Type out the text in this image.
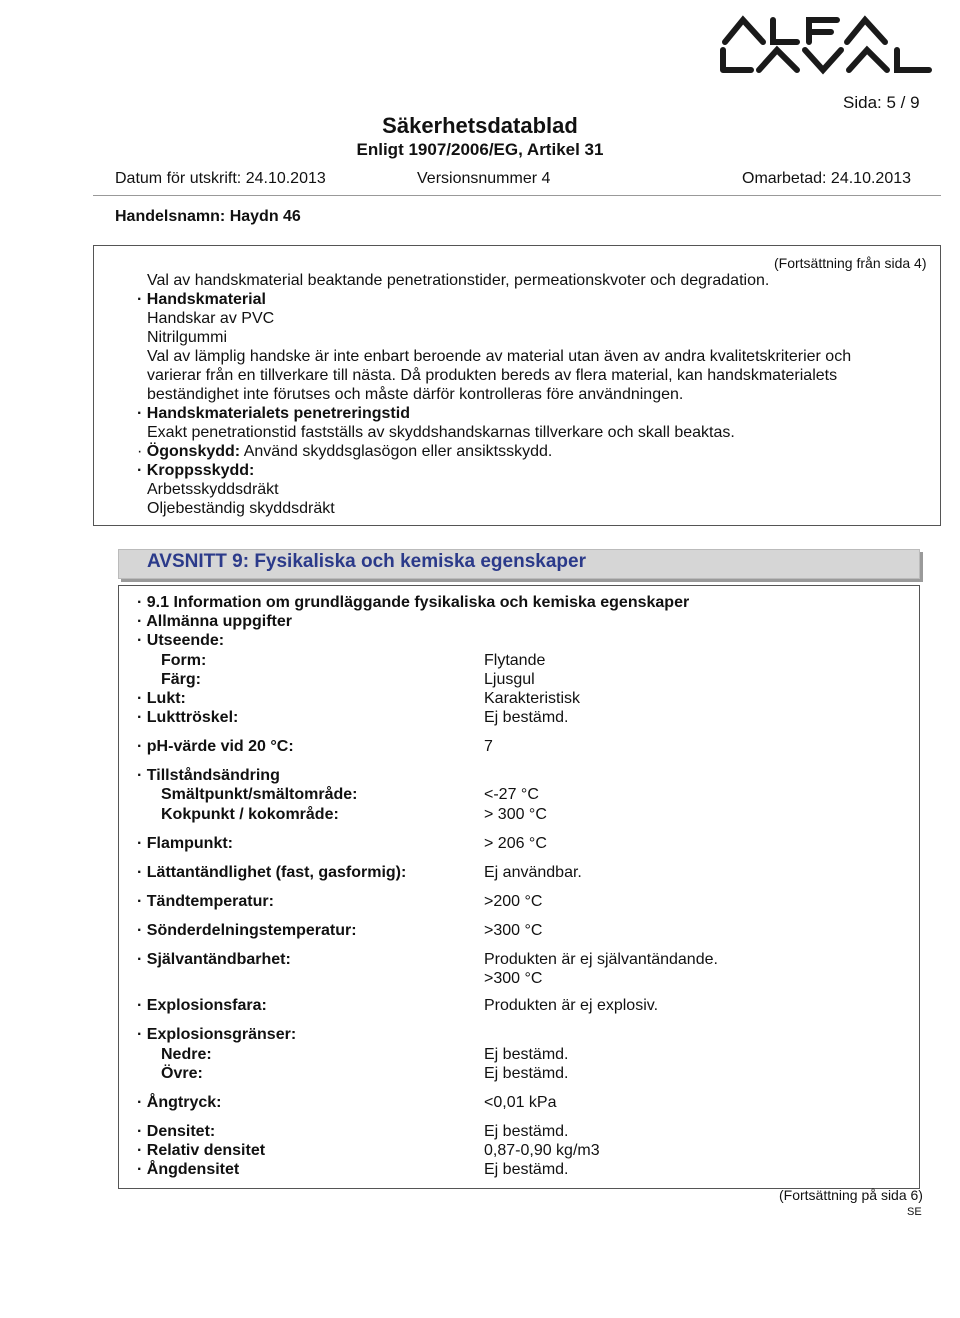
Sida: 5 / 9
Säkerhetsdatablad
Enligt 1907/2006/EG, Artikel 31
Datum för utskrift: 24.10.2013	Versionsnummer 4	Omarbetad: 24.10.2013
Handelsnamn: Haydn 46
(Fortsättning från sida 4)
Val av handskmaterial beaktande penetrationstider, permeationskvoter och degradation.
· Handskmaterial
Handskar av PVC
Nitrilgummi
Val av lämplig handske är inte enbart beroende av material utan även av andra kvalitetskriterier och
varierar från en tillverkare till nästa. Då produkten bereds av flera material, kan handskmaterialets
beständighet inte förutses och måste därför kontrolleras före användningen.
· Handskmaterialets penetreringstid
Exakt penetrationstid fastställs av skyddshandskarnas tillverkare och skall beaktas.
· Ögonskydd: Använd skyddsglasögon eller ansiktsskydd.
· Kroppsskydd:
Arbetsskyddsdräkt
Oljebeständig skyddsdräkt
AVSNITT 9: Fysikaliska och kemiska egenskaper
· 9.1 Information om grundläggande fysikaliska och kemiska egenskaper
· Allmänna uppgifter
· Utseende:
Form:	Flytande
Färg:	Ljusgul
· Lukt:	Karakteristisk
· Lukttröskel:	Ej bestämd.
· pH-värde vid 20 °C:	7
· Tillståndsändring
Smältpunkt/smältområde:	<-27 °C
Kokpunkt / kokområde:	> 300 °C
· Flampunkt:	> 206 °C
· Lättantändlighet (fast, gasformig):	Ej användbar.
· Tändtemperatur:	>200 °C
· Sönderdelningstemperatur:	>300 °C
· Självantändbarhet:	Produkten är ej självantändande.
>300 °C
· Explosionsfara:	Produkten är ej explosiv.
· Explosionsgränser:
Nedre:	Ej bestämd.
Övre:	Ej bestämd.
· Ångtryck:	<0,01 kPa
· Densitet:	Ej bestämd.
· Relativ densitet	0,87-0,90 kg/m3
· Ångdensitet	Ej bestämd.
(Fortsättning på sida 6)
SE
